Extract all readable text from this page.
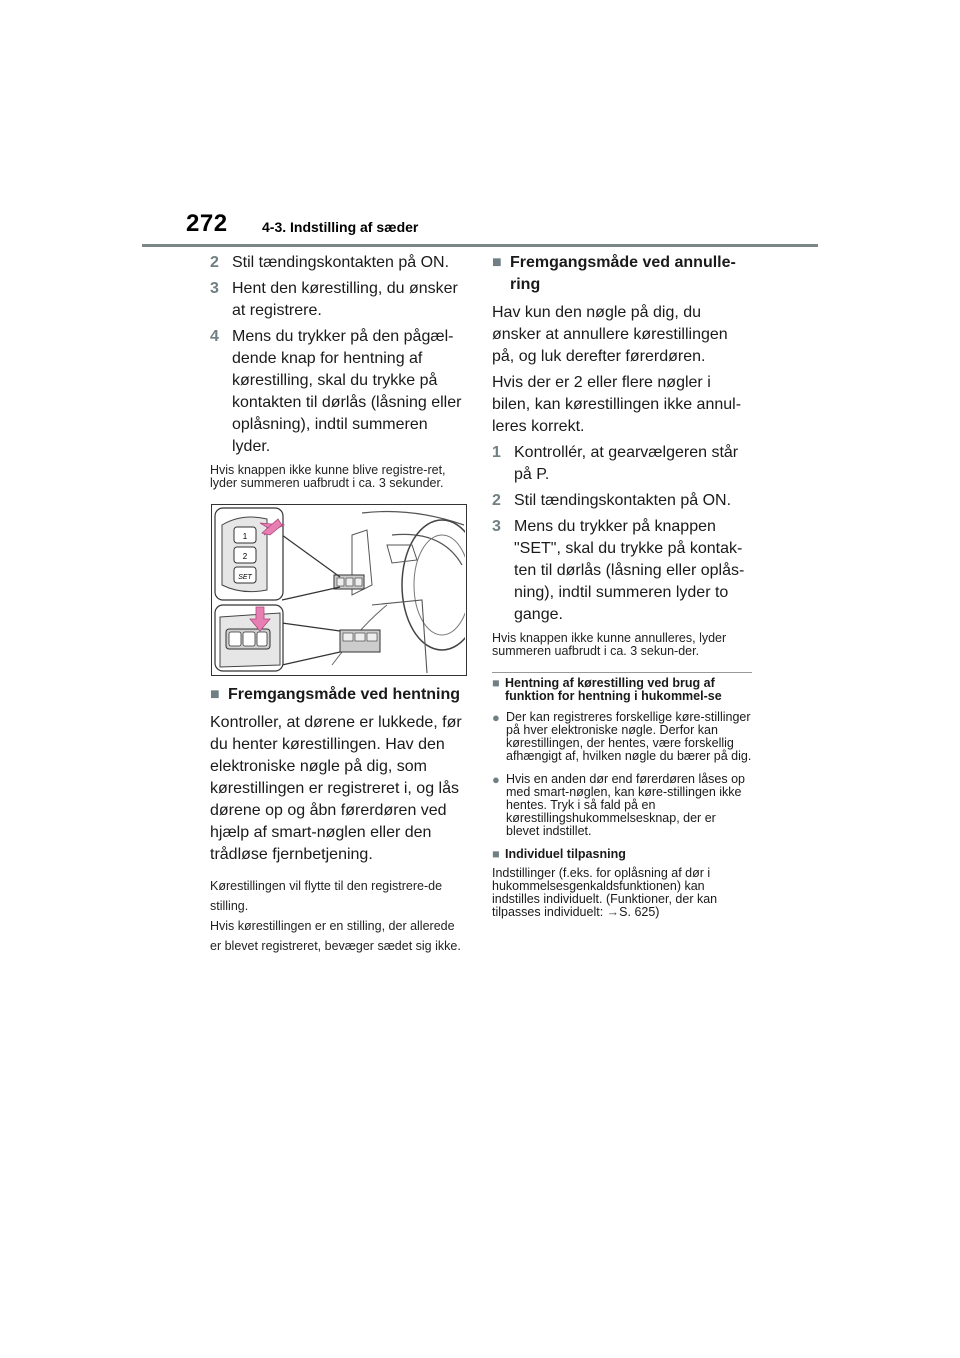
272 4-3. Indstilling af sæder
2 Stil tændingskontakten på ON.
3 Hent den kørestilling, du ønsker at registrere.
4 Mens du trykker på den pågæl-dende knap for hentning af kørestilling, skal du trykke på kontakten til dørlås (låsning eller oplåsning), indtil summeren lyder.
Hvis knappen ikke kunne blive registre-ret, lyder summeren uafbrudt i ca. 3 sekunder.
1
2
SET
■ Fremgangsmåde ved hentning
Kontroller, at dørene er lukkede, før du henter kørestillingen. Hav den elektroniske nøgle på dig, som kørestillingen er registreret i, og lås dørene op og åbn førerdøren ved hjælp af smart-nøglen eller den trådløse fjernbetjening.
Kørestillingen vil flytte til den registrere-de stilling.
Hvis kørestillingen er en stilling, der allerede er blevet registreret, bevæger sædet sig ikke.
■ Fremgangsmåde ved annulle-ring
Hav kun den nøgle på dig, du ønsker at annullere kørestillingen på, og luk derefter førerdøren.
Hvis der er 2 eller flere nøgler i bilen, kan kørestillingen ikke annul-leres korrekt.
1 Kontrollér, at gearvælgeren står på P.
2 Stil tændingskontakten på ON.
3 Mens du trykker på knappen "SET", skal du trykke på kontak-ten til dørlås (låsning eller oplås-ning), indtil summeren lyder to gange.
Hvis knappen ikke kunne annulleres, lyder summeren uafbrudt i ca. 3 sekun-der.
■ Hentning af kørestilling ved brug af funktion for hentning i hukommel-se
● Der kan registreres forskellige køre-stillinger på hver elektroniske nøgle. Derfor kan kørestillingen, der hentes, være forskellig afhængigt af, hvilken nøgle du bærer på dig.
● Hvis en anden dør end førerdøren låses op med smart-nøglen, kan køre-stillingen ikke hentes. Tryk i så fald på en kørestillingshukommelsesknap, der er blevet indstillet.
■ Individuel tilpasning
Indstillinger (f.eks. for oplåsning af dør i hukommelsesgenkaldsfunktionen) kan indstilles individuelt. (Funktioner, der kan tilpasses individuelt: →S. 625)
